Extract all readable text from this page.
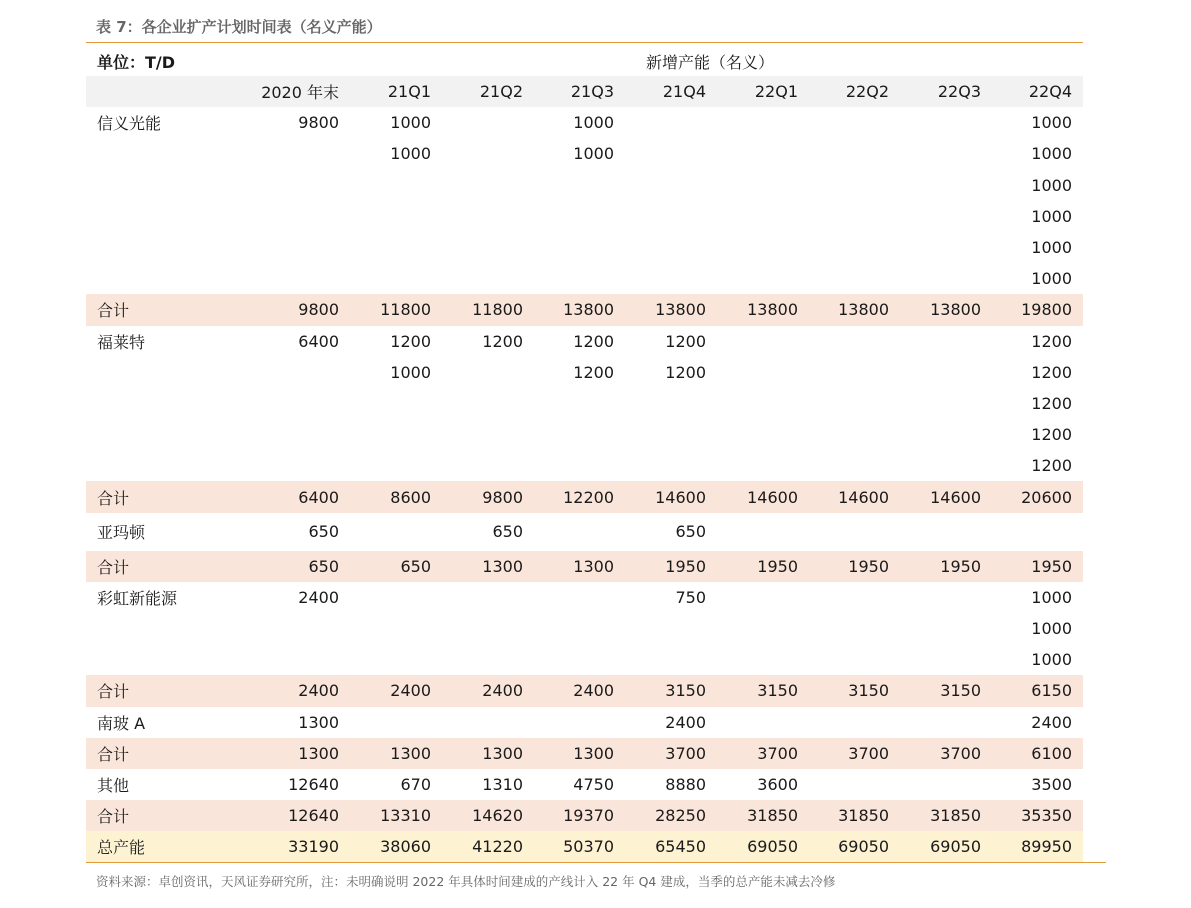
表 7：各企业扩产计划时间表（名义产能）
单位：T/D	新增产能（名义）
	2020 年末	21Q1	21Q2	21Q3	21Q4	22Q1	22Q2	22Q3	22Q4
信义光能	9800	1000		1000					1000
		1000		1000					1000
									1000
									1000
									1000
									1000
合计	9800	11800	11800	13800	13800	13800	13800	13800	19800
福莱特	6400	1200	1200	1200	1200				1200
		1000		1200	1200				1200
									1200
									1200
									1200
合计	6400	8600	9800	12200	14600	14600	14600	14600	20600
亚玛顿	650		650		650				
合计	650	650	1300	1300	1950	1950	1950	1950	1950
彩虹新能源	2400				750				1000
									1000
									1000
合计	2400	2400	2400	2400	3150	3150	3150	3150	6150
南玻 A	1300				2400				2400
合计	1300	1300	1300	1300	3700	3700	3700	3700	6100
其他	12640	670	1310	4750	8880	3600			3500
合计	12640	13310	14620	19370	28250	31850	31850	31850	35350
总产能	33190	38060	41220	50370	65450	69050	69050	69050	89950
资料来源：卓创资讯，天风证券研究所，注：未明确说明 2022 年具体时间建成的产线计入 22 年 Q4 建成，当季的总产能未减去冷修
